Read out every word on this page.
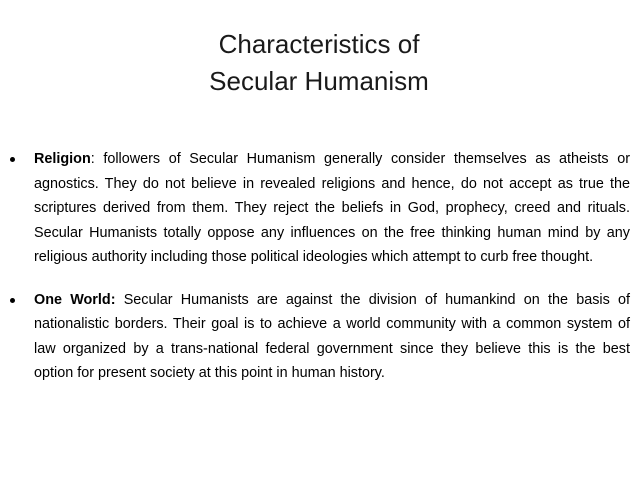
Characteristics of
Secular Humanism
Religion: followers of Secular Humanism generally consider themselves as atheists or agnostics. They do not believe in revealed religions and hence, do not accept as true the scriptures derived from them. They reject the beliefs in God, prophecy, creed and rituals. Secular Humanists totally oppose any influences on the free thinking human mind by any religious authority including those political ideologies which attempt to curb free thought.
One World: Secular Humanists are against the division of humankind on the basis of nationalistic borders. Their goal is to achieve a world community with a common system of law organized by a trans-national federal government since they believe this is the best option for present society at this point in human history.
